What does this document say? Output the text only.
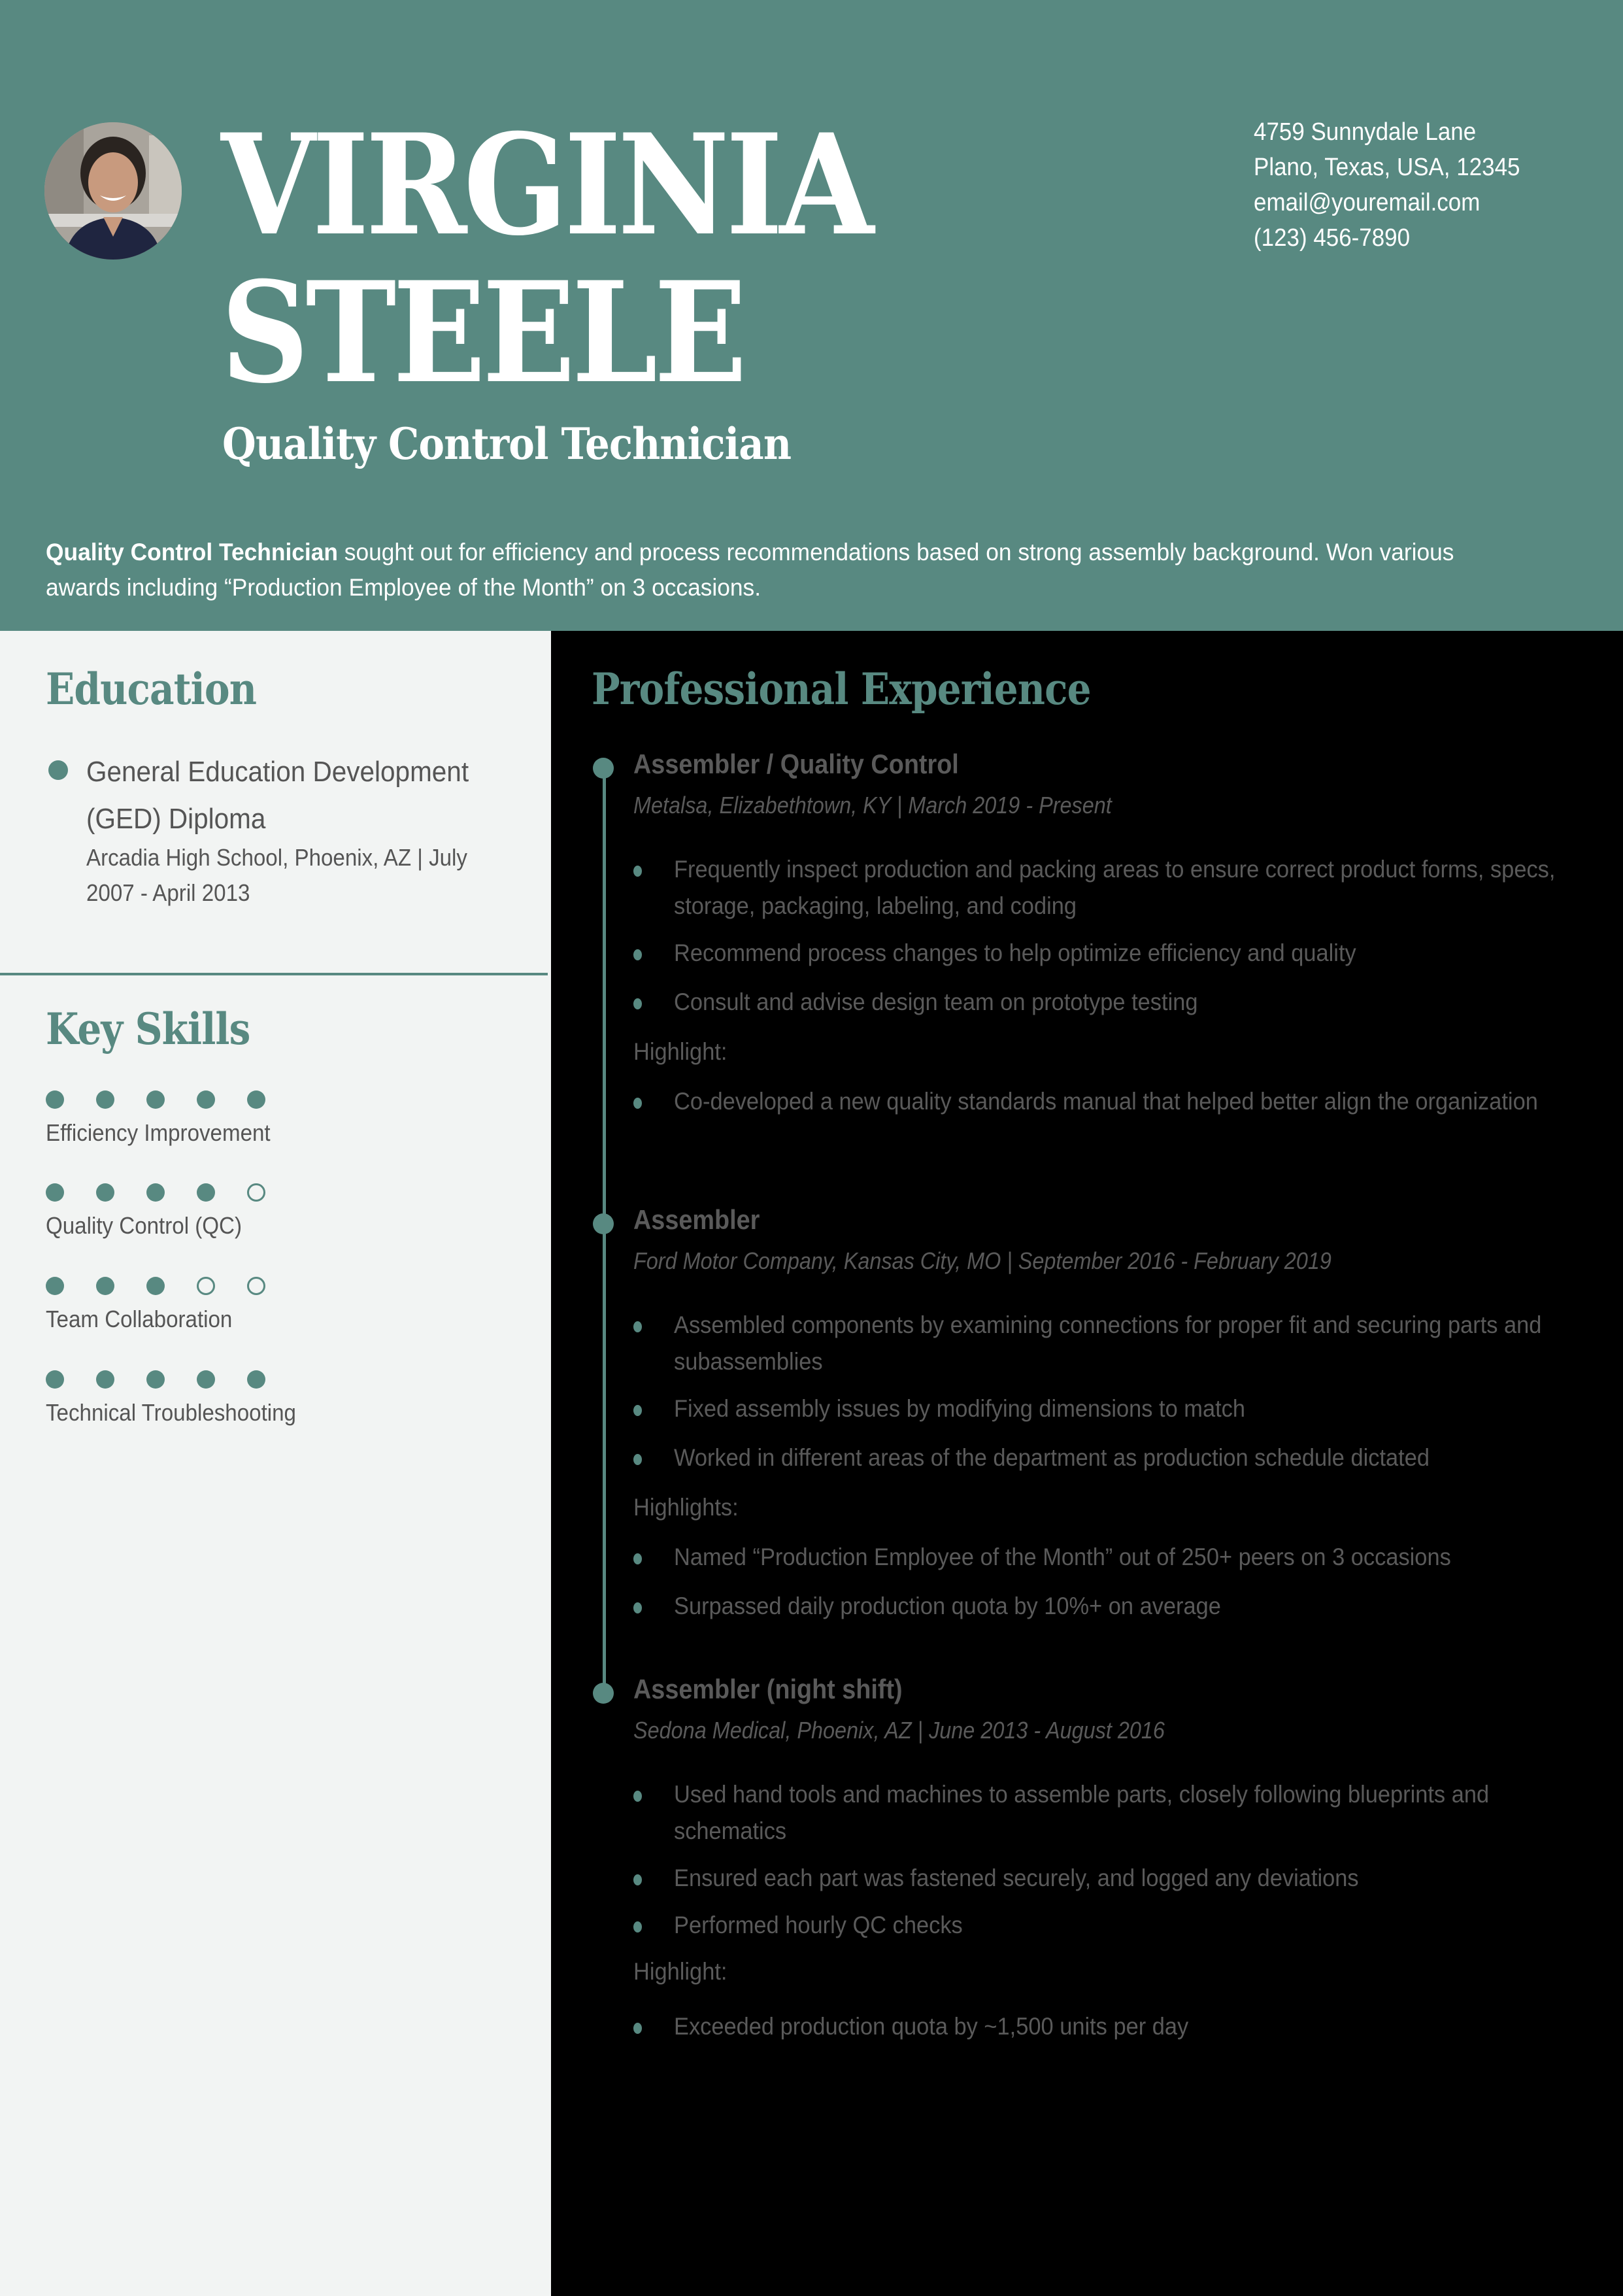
VIRGINIA
STEELE
Quality Control Technician
4759 Sunnydale Lane
Plano, Texas, USA, 12345
email@youremail.com
(123) 456-7890
Quality Control Technician sought out for efficiency and process recommendations based on strong assembly background. Won various awards including “Production Employee of the Month” on 3 occasions.
Education
General Education Development (GED) Diploma
Arcadia High School, Phoenix, AZ | July 2007 - April 2013
Key Skills
Efficiency Improvement
Quality Control (QC)
Team Collaboration
Technical Troubleshooting
Professional Experience
Assembler / Quality Control
Metalsa, Elizabethtown, KY | March 2019 - Present
Frequently inspect production and packing areas to ensure correct product forms, specs, storage, packaging, labeling, and coding
Recommend process changes to help optimize efficiency and quality
Consult and advise design team on prototype testing
Highlight:
Co-developed a new quality standards manual that helped better align the organization
Assembler
Ford Motor Company, Kansas City, MO | September 2016 - February 2019
Assembled components by examining connections for proper fit and securing parts and subassemblies
Fixed assembly issues by modifying dimensions to match
Worked in different areas of the department as production schedule dictated
Highlights:
Named “Production Employee of the Month” out of 250+ peers on 3 occasions
Surpassed daily production quota by 10%+ on average
Assembler (night shift)
Sedona Medical, Phoenix, AZ | June 2013 - August 2016
Used hand tools and machines to assemble parts, closely following blueprints and schematics
Ensured each part was fastened securely, and logged any deviations
Performed hourly QC checks
Highlight:
Exceeded production quota by ~1,500 units per day
